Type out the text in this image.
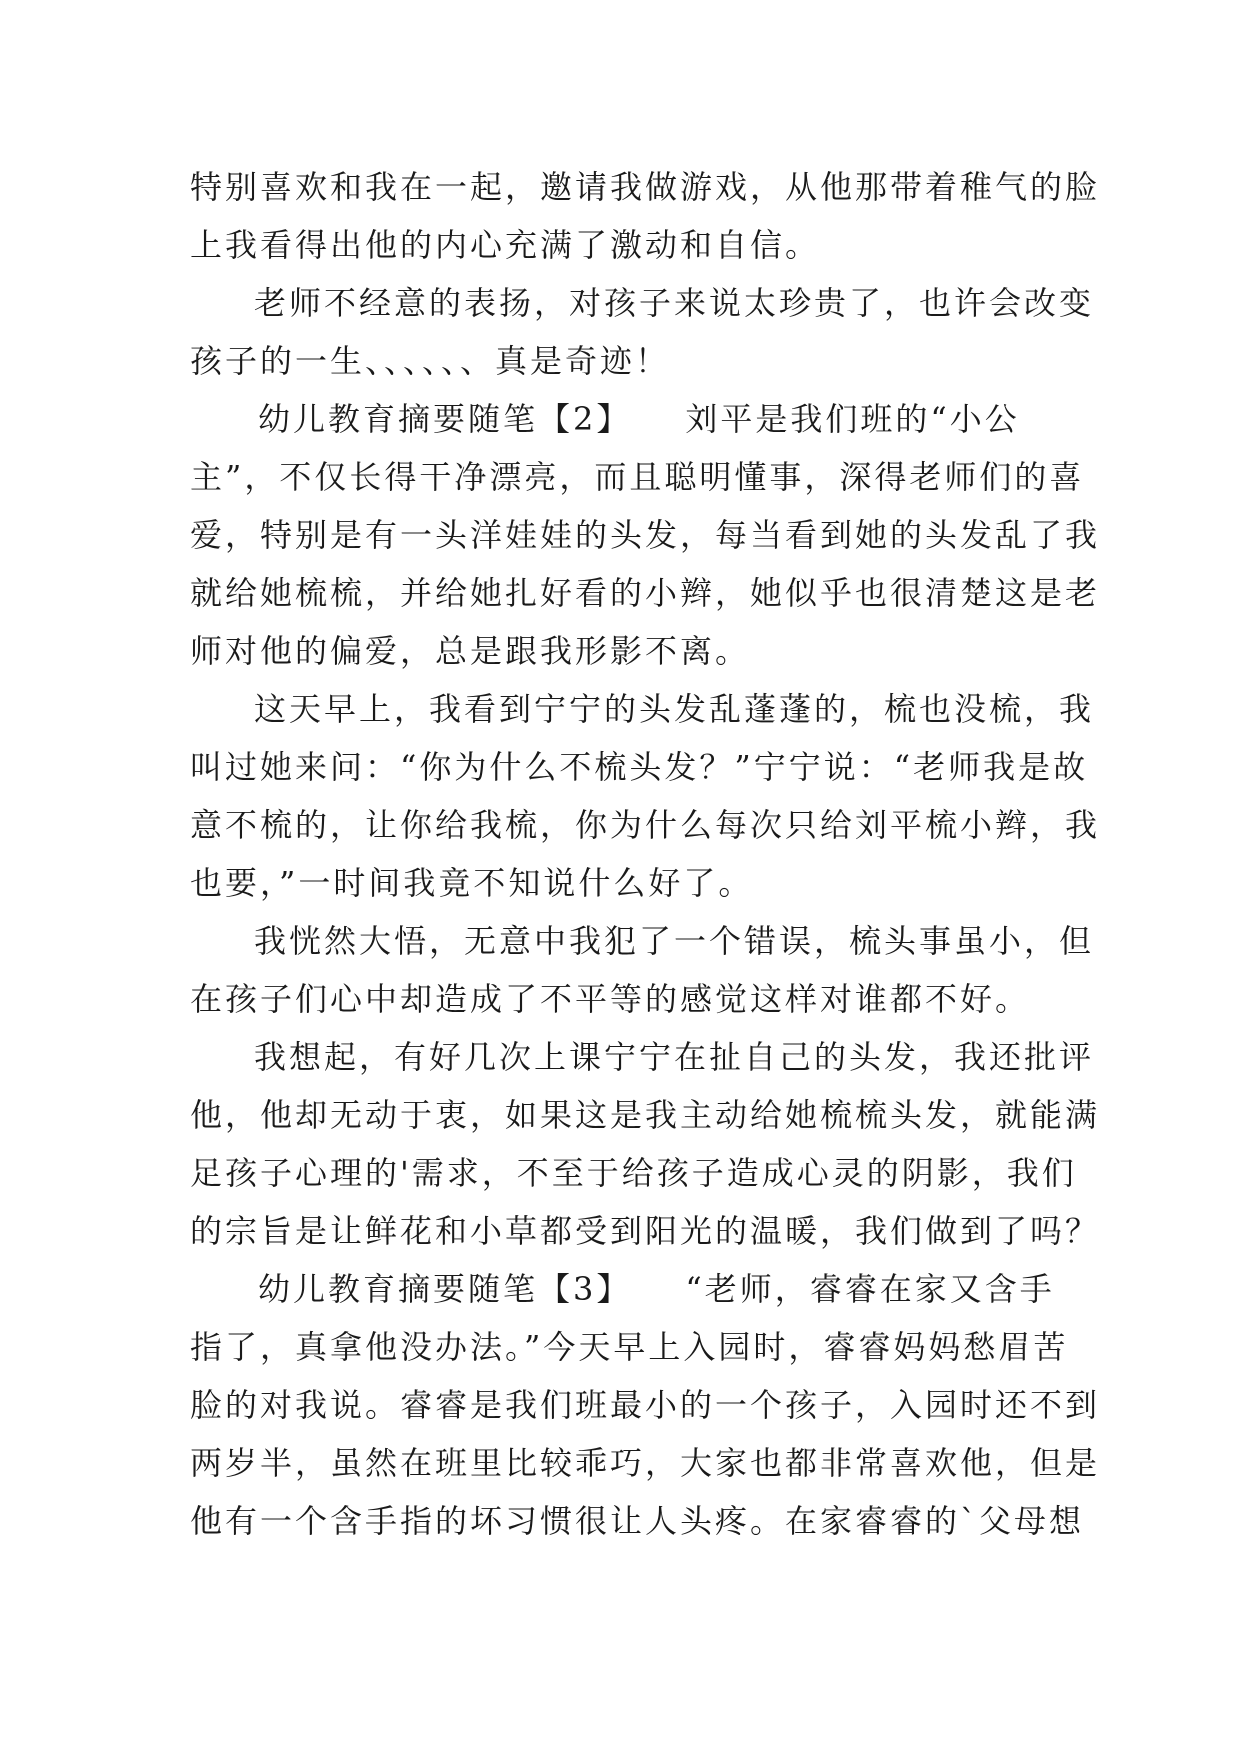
特别喜欢和我在一起，邀请我做游戏，从他那带着稚气的脸
上我看得出他的内心充满了激动和自信。
老师不经意的表扬，对孩子来说太珍贵了，也许会改变
孩子的一生、、、、、、真是奇迹！
幼儿教育摘要随笔【2】　　刘平是我们班的“小公
主”，不仅长得干净漂亮，而且聪明懂事，深得老师们的喜
爱，特别是有一头洋娃娃的头发，每当看到她的头发乱了我
就给她梳梳，并给她扎好看的小辫，她似乎也很清楚这是老
师对他的偏爱，总是跟我形影不离。
这天早上，我看到宁宁的头发乱蓬蓬的，梳也没梳，我
叫过她来问：“你为什么不梳头发？”宁宁说：“老师我是故
意不梳的，让你给我梳，你为什么每次只给刘平梳小辫，我
也要，”一时间我竟不知说什么好了。
我恍然大悟，无意中我犯了一个错误，梳头事虽小，但
在孩子们心中却造成了不平等的感觉这样对谁都不好。
我想起，有好几次上课宁宁在扯自己的头发，我还批评
他，他却无动于衷，如果这是我主动给她梳梳头发，就能满
足孩子心理的'需求，不至于给孩子造成心灵的阴影，我们
的宗旨是让鲜花和小草都受到阳光的温暖，我们做到了吗？
幼儿教育摘要随笔【3】　　“老师，睿睿在家又含手
指了，真拿他没办法。”今天早上入园时，睿睿妈妈愁眉苦
脸的对我说。睿睿是我们班最小的一个孩子，入园时还不到
两岁半，虽然在班里比较乖巧，大家也都非常喜欢他，但是
他有一个含手指的坏习惯很让人头疼。在家睿睿的`父母想
